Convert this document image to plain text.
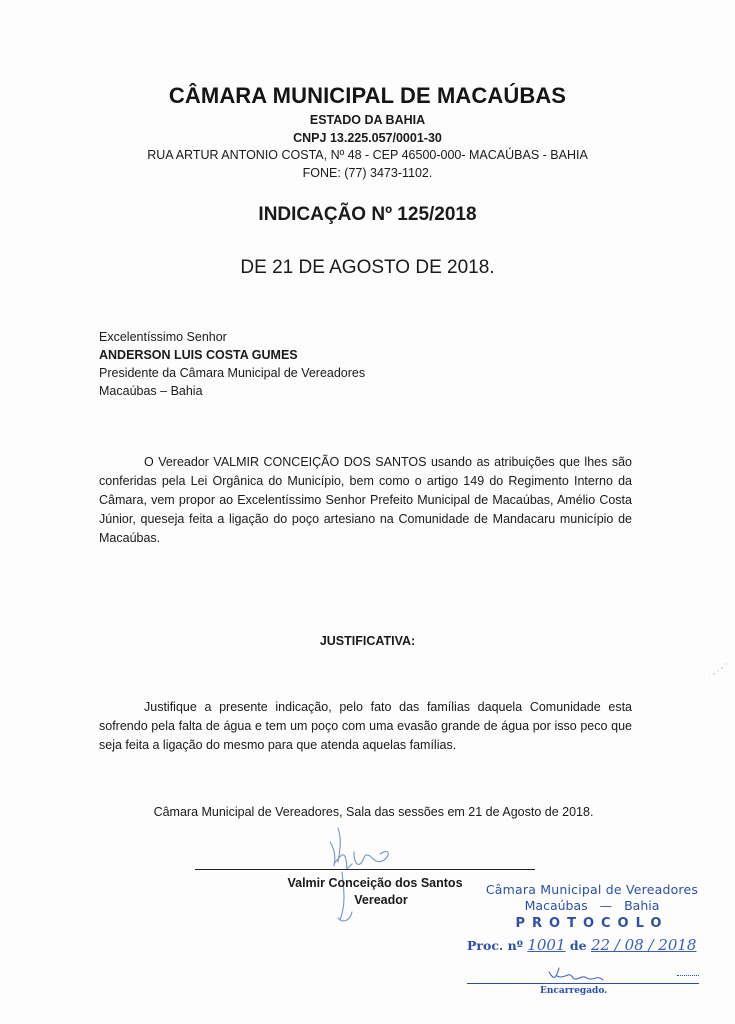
CÂMARA MUNICIPAL DE MACAÚBAS
ESTADO DA BAHIA
CNPJ 13.225.057/0001-30
RUA ARTUR ANTONIO COSTA, Nº 48 - CEP 46500-000- MACAÚBAS - BAHIA
FONE: (77) 3473-1102.
INDICAÇÃO Nº 125/2018
DE 21 DE AGOSTO DE 2018.
Excelentíssimo Senhor
ANDERSON LUIS COSTA GUMES
Presidente da Câmara Municipal de Vereadores
Macaúbas – Bahia
O Vereador VALMIR CONCEIÇÃO DOS SANTOS usando as atribuições que lhes são conferidas pela Lei Orgânica do Município, bem como o artigo 149 do Regimento Interno da Câmara, vem propor ao Excelentíssimo Senhor Prefeito Municipal de Macaúbas, Amélio Costa Júnior, queseja feita a ligação do poço artesiano na Comunidade de Mandacaru município de Macaúbas.
JUSTIFICATIVA:
Justifique a presente indicação, pelo fato das famílias daquela Comunidade esta sofrendo pela falta de água e tem um poço com uma evasão grande de água por isso peco que seja feita a ligação do mesmo para que atenda aquelas famílias.
Câmara Municipal de Vereadores, Sala das sessões em 21 de Agosto de 2018.
Valmir Conceição dos Santos
Vereador
Câmara Municipal de Vereadores
Macaúbas — Bahia
PROTOCOLO
Proc. nº 1001 de 22 / 08 / 2018
Encarregado.
